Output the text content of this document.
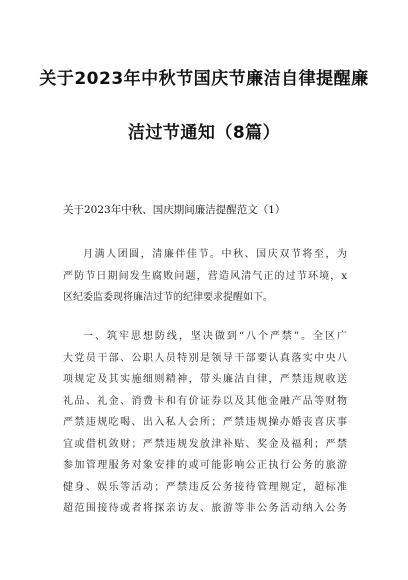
关于2023年中秋节国庆节廉洁自律提醒廉
洁过节通知（8篇）
关于2023年中秋、国庆期间廉洁提醒范文（1）
月满人团圆，清廉伴佳节。中秋、国庆双节将至，为
严防节日期间发生腐败问题，营造风清气正的过节环境，x
区纪委监委现将廉洁过节的纪律要求提醒如下。
一、筑牢思想防线，坚决做到“八个严禁”。全区广
大党员干部、公职人员特别是领导干部要认真落实中央八
项规定及其实施细则精神，带头廉洁自律，严禁违规收送
礼品、礼金、消费卡和有价证券以及其他金融产品等财物
严禁违规吃喝、出入私人会所；严禁违规操办婚丧喜庆事
宜或借机敛财；严禁违规发放津补贴、奖金及福利；严禁
参加管理服务对象安排的或可能影响公正执行公务的旅游
健身、娱乐等活动；严禁违反公务接待管理规定，超标准
超范围接待或者将探亲访友、旅游等非公务活动纳入公务
